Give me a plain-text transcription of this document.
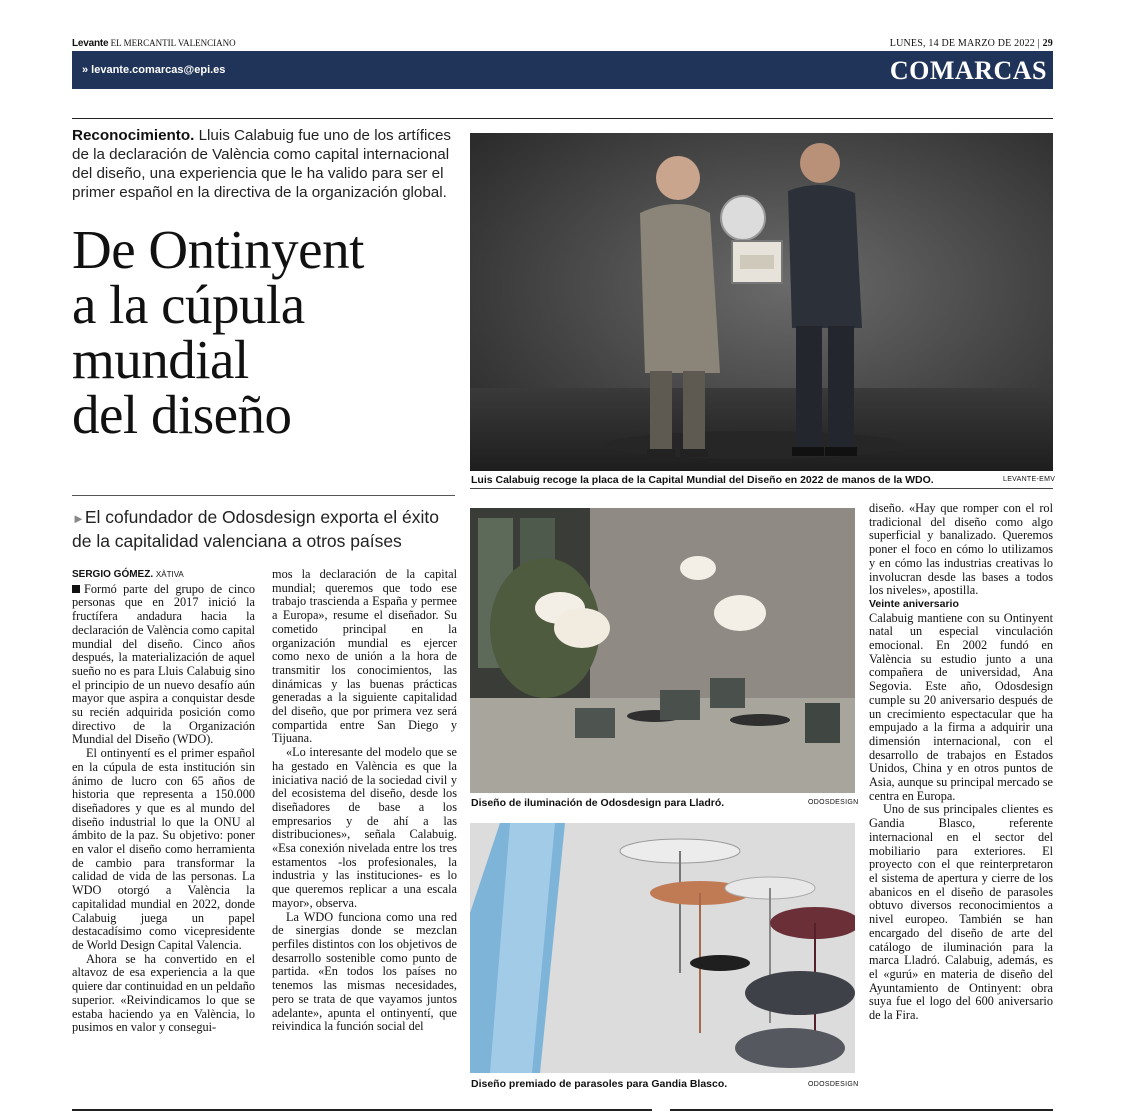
Levante EL MERCANTIL VALENCIANO	LUNES, 14 DE MARZO DE 2022 | 29
» levante.comarcas@epi.es	COMARCAS
Reconocimiento. Lluis Calabuig fue uno de los artífices de la declaración de València como capital internacional del diseño, una experiencia que le ha valido para ser el primer español en la directiva de la organización global.
De Ontinyent
a la cúpula
mundial
del diseño
►El cofundador de Odosdesign exporta el éxito de la capitalidad valenciana a otros países
SERGIO GÓMEZ. XÀTIVA

Formó parte del grupo de cinco personas que en 2017 inició la fructífera andadura hacia la declaración de València como capital mundial del diseño. Cinco años después, la materialización de aquel sueño no es para Lluis Calabuig sino el principio de un nuevo desafío aún mayor que aspira a conquistar desde su recién adquirida posición como directivo de la Organización Mundial del Diseño (WDO).

El ontinyentí es el primer español en la cúpula de esta institución sin ánimo de lucro con 65 años de historia que representa a 150.000 diseñadores y que es al mundo del diseño industrial lo que la ONU al ámbito de la paz. Su objetivo: poner en valor el diseño como herramienta de cambio para transformar la calidad de vida de las personas. La WDO otorgó a València la capitalidad mundial en 2022, donde Calabuig juega un papel destacadísimo como vicepresidente de World Design Capital Valencia.

Ahora se ha convertido en el altavoz de esa experiencia a la que quiere dar continuidad en un peldaño superior. «Reivindicamos lo que se estaba haciendo ya en València, lo pusimos en valor y consegui-

mos la declaración de la capital mundial; queremos que todo ese trabajo trascienda a España y permee a Europa», resume el diseñador. Su cometido principal en la organización mundial es ejercer como nexo de unión a la hora de transmitir los conocimientos, las dinámicas y las buenas prácticas generadas a la siguiente capitalidad del diseño, que por primera vez será compartida entre San Diego y Tijuana.

«Lo interesante del modelo que se ha gestado en València es que la iniciativa nació de la sociedad civil y del ecosistema del diseño, desde los diseñadores de base a los empresarios y de ahí a las distribuciones», señala Calabuig. «Esa conexión nivelada entre los tres estamentos -los profesionales, la industria y las instituciones- es lo que queremos replicar a una escala mayor», observa.

La WDO funciona como una red de sinergias donde se mezclan perfiles distintos con los objetivos de desarrollo sostenible como punto de partida. «En todos los países no tenemos las mismas necesidades, pero se trata de que vayamos juntos adelante», apunta el ontinyentí, que reivindica la función social del

diseño. «Hay que romper con el rol tradicional del diseño como algo superficial y banalizado. Queremos poner el foco en cómo lo utilizamos y en cómo las industrias creativas lo involucran desde las bases a todos los niveles», apostilla.

Veinte aniversario

Calabuig mantiene con su Ontinyent natal un especial vinculación emocional. En 2002 fundó en València su estudio junto a una compañera de universidad, Ana Segovia. Este año, Odosdesign cumple su 20 aniversario después de un crecimiento espectacular que ha empujado a la firma a adquirir una dimensión internacional, con el desarrollo de trabajos en Estados Unidos, China y en otros puntos de Asia, aunque su principal mercado se centra en Europa.

Uno de sus principales clientes es Gandia Blasco, referente internacional en el sector del mobiliario para exteriores. El proyecto con el que reinterpretaron el sistema de apertura y cierre de los abanicos en el diseño de parasoles obtuvo diversos reconocimientos a nivel europeo. También se han encargado del diseño de arte del catálogo de iluminación para la marca Lladró. Calabuig, además, es el «gurú» en materia de diseño del Ayuntamiento de Ontinyent: obra suya fue el logo del 600 aniversario de la Fira.

Luis Calabuig recoge la placa de la Capital Mundial del Diseño en 2022 de manos de la WDO.	LEVANTE-EMV
Diseño de iluminación de Odosdesign para Lladró.	ODOSDESIGN
Diseño premiado de parasoles para Gandia Blasco.	ODOSDESIGN
